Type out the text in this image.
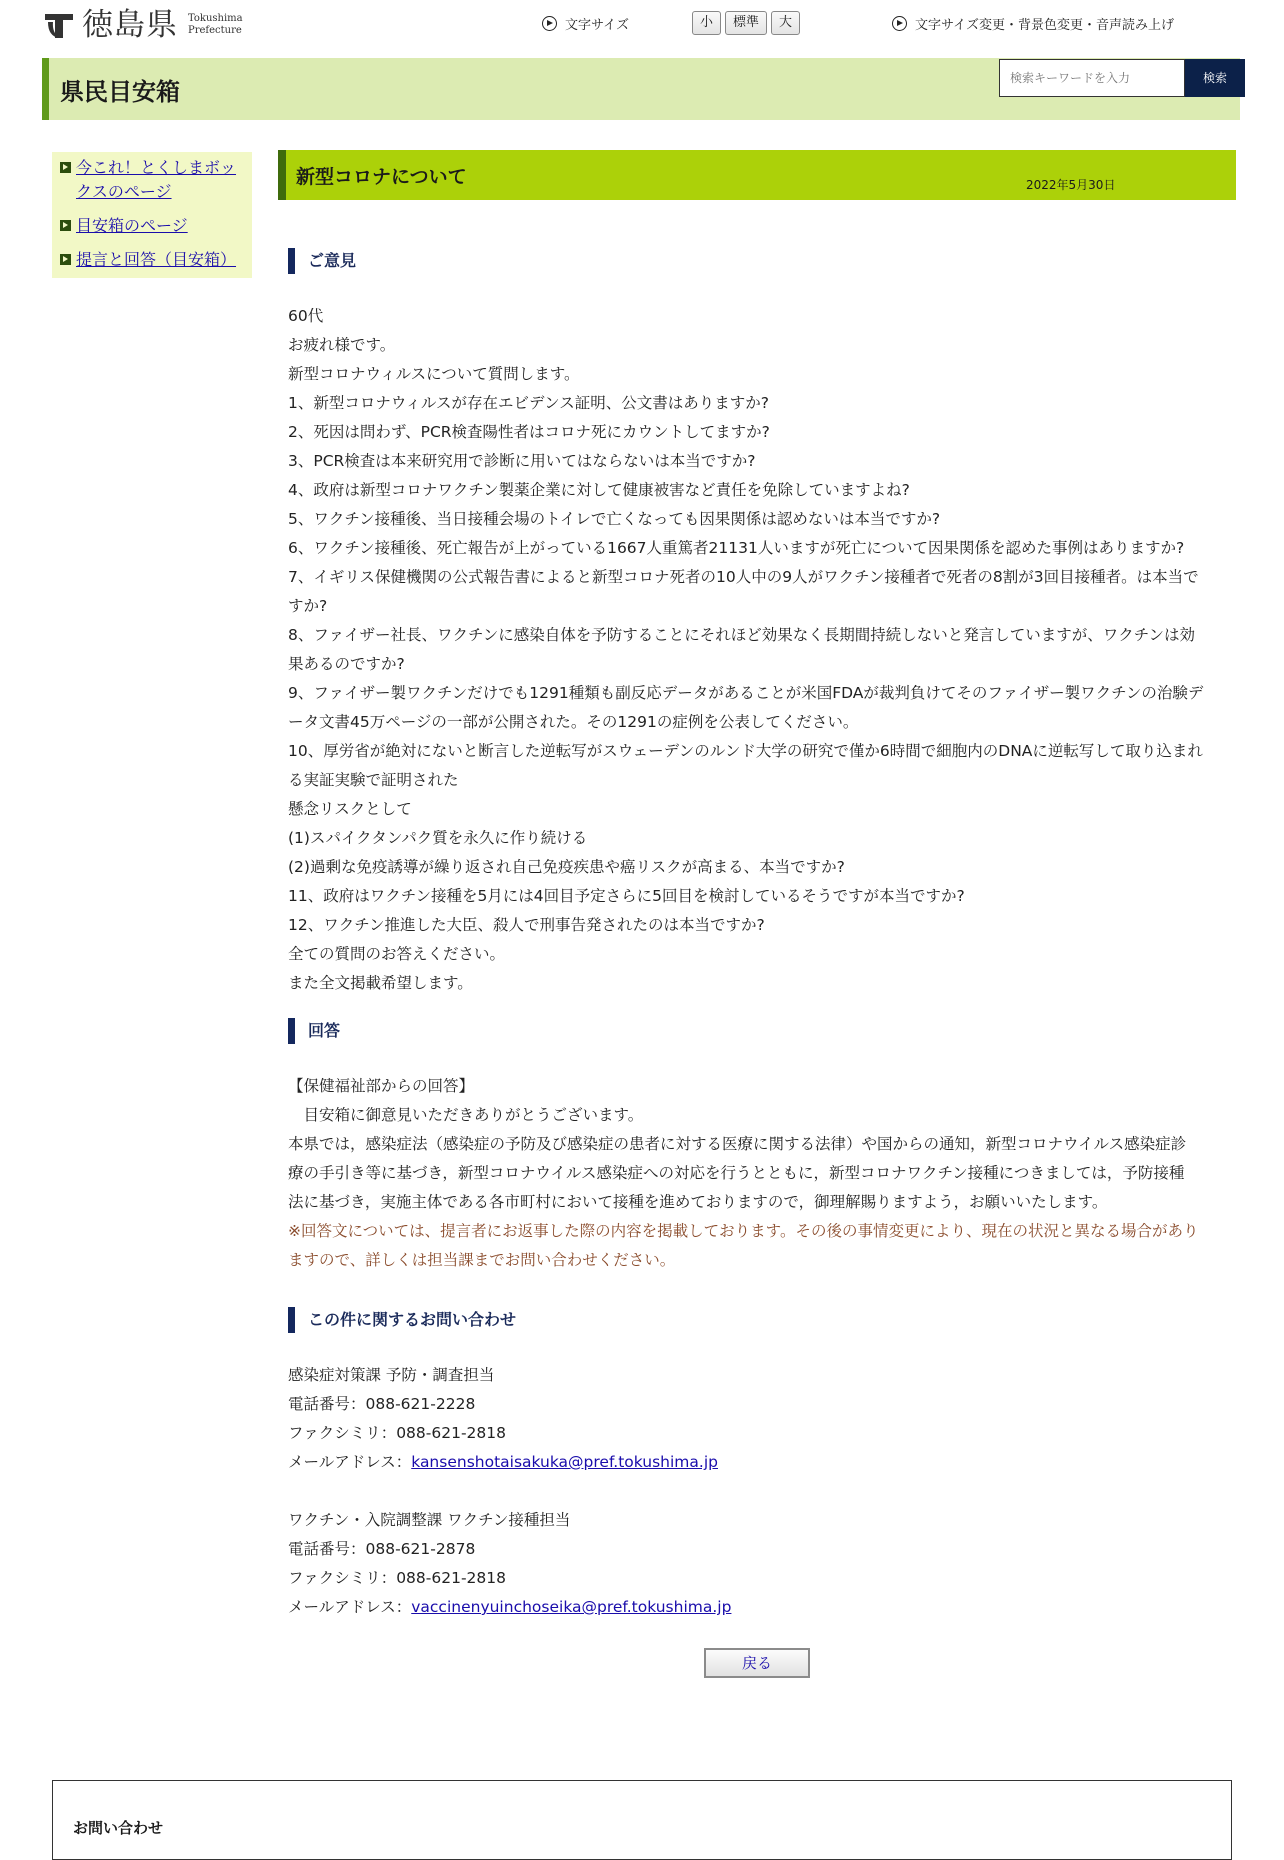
徳島県 Tokushima
Prefecture	文字サイズ	小	標準	大	文字サイズ変更・背景色変更・音声読み上げ
県民目安箱	検索キーワードを入力	検索
今これ！とくしまボッ
クスのページ
目安箱のページ
提言と回答（目安箱）
新型コロナについて	2022年5月30日
ご意見
60代
お疲れ様です。
新型コロナウィルスについて質問します。
1、新型コロナウィルスが存在エビデンス証明、公文書はありますか?
2、死因は問わず、PCR検査陽性者はコロナ死にカウントしてますか?
3、PCR検査は本来研究用で診断に用いてはならないは本当ですか?
4、政府は新型コロナワクチン製薬企業に対して健康被害など責任を免除していますよね?
5、ワクチン接種後、当日接種会場のトイレで亡くなっても因果関係は認めないは本当ですか?
6、ワクチン接種後、死亡報告が上がっている1667人重篤者21131人いますが死亡について因果関係を認めた事例はありますか?
7、イギリス保健機関の公式報告書によると新型コロナ死者の10人中の9人がワクチン接種者で死者の8割が3回目接種者。は本当で
すか?
8、ファイザー社長、ワクチンに感染自体を予防することにそれほど効果なく長期間持続しないと発言していますが、ワクチンは効
果あるのですか?
9、ファイザー製ワクチンだけでも1291種類も副反応データがあることが米国FDAが裁判負けてそのファイザー製ワクチンの治験デ
ータ文書45万ページの一部が公開された。その1291の症例を公表してください。
10、厚労省が絶対にないと断言した逆転写がスウェーデンのルンド大学の研究で僅か6時間で細胞内のDNAに逆転写して取り込まれ
る実証実験で証明された
懸念リスクとして
(1)スパイクタンパク質を永久に作り続ける
(2)過剰な免疫誘導が繰り返され自己免疫疾患や癌リスクが高まる、本当ですか?
11、政府はワクチン接種を5月には4回目予定さらに5回目を検討しているそうですが本当ですか?
12、ワクチン推進した大臣、殺人で刑事告発されたのは本当ですか?
全ての質問のお答えください。
また全文掲載希望します。
回答
【保健福祉部からの回答】
　目安箱に御意見いただきありがとうございます。
本県では，感染症法（感染症の予防及び感染症の患者に対する医療に関する法律）や国からの通知，新型コロナウイルス感染症診
療の手引き等に基づき，新型コロナウイルス感染症への対応を行うとともに，新型コロナワクチン接種につきましては，予防接種
法に基づき，実施主体である各市町村において接種を進めておりますので，御理解賜りますよう，お願いいたします。
※回答文については、提言者にお返事した際の内容を掲載しております。その後の事情変更により、現在の状況と異なる場合があり
ますので、詳しくは担当課までお問い合わせください。
この件に関するお問い合わせ
感染症対策課 予防・調査担当
電話番号：088-621-2228
ファクシミリ：088-621-2818
メールアドレス：kansenshotaisakuka@pref.tokushima.jp
ワクチン・入院調整課 ワクチン接種担当
電話番号：088-621-2878
ファクシミリ：088-621-2818
メールアドレス：vaccinenyuinchoseika@pref.tokushima.jp
戻る
お問い合わせ
